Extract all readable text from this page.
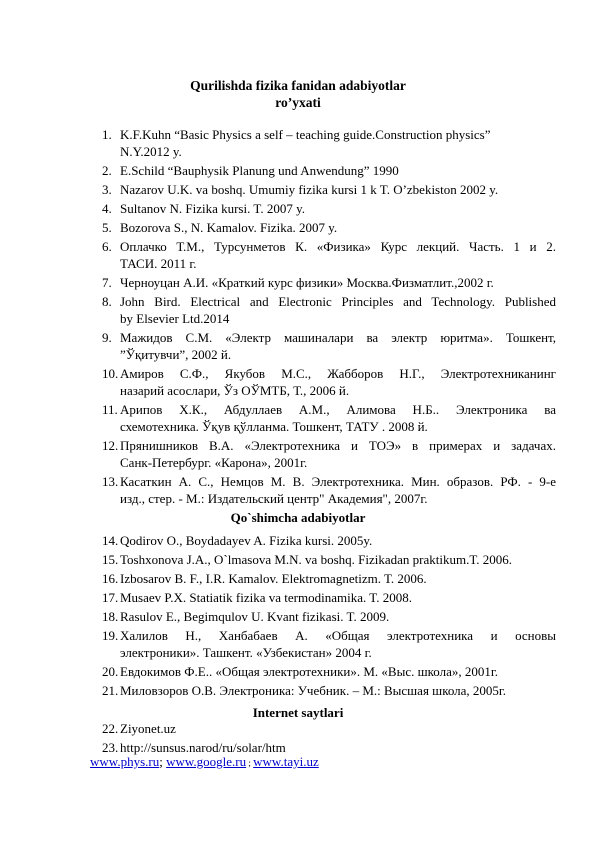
Qurilishda fizika fanidan adabiyotlar
ro’yxati
1. K.F.Kuhn “Basic Physics a self – teaching guide.Construction physics”
N.Y.2012 y.
2. E.Schild “Bauphysik Planung und Anwendung” 1990
3. Nazarov U.K. va boshq. Umumiy fizika kursi 1 k T. O’zbekiston 2002 y.
4. Sultanov N. Fizika kursi. T. 2007 y.
5. Bozorova S., N. Kamalov. Fizika. 2007 y.
6. Оплачко Т.М., Турсунметов К. «Физика» Курс лекций. Часть. 1 и 2.
ТАСИ. 2011 г.
7. Черноуцан А.И. «Краткий курс физики» Москва.Физматлит.,2002 г.
8. John Bird. Electrical and Electronic Principles and Technology. Published
by Elsevier Ltd.2014
9. Мажидов С.М. «Электр машиналари ва электр юритма». Тошкент,
”Ўқитувчи”, 2002 й.
10. Амиров С.Ф., Якубов М.С., Жабборов Н.Г., Электротехниканинг
назарий асослари, Ўз ОЎМТБ, Т., 2006 й.
11. Арипов Х.К., Абдуллаев А.М., Алимова Н.Б.. Электроника ва
схемотехника. Ўқув қўлланма. Тошкент, ТАТУ . 2008 й.
12. Прянишников В.А. «Электротехника и ТОЭ» в примерах и задачах.
Санк-Петербург. «Карона», 2001г.
13. Касаткин А. С., Немцов М. В. Электротехника. Мин. образов. РФ. - 9-е
изд., стер. - М.: Издательский центр" Академия", 2007г.
Qo`shimcha adabiyotlar
14. Qodirov O., Boydadayev A. Fizika kursi. 2005y.
15. Toshxonova J.A., O`lmasova M.N. va boshq. Fizikadan praktikum.T. 2006.
16. Izbosarov B. F., I.R. Kamalov. Elektromagnetizm. T. 2006.
17. Musaev P.X. Statiatik fizika va termodinamika. T. 2008.
18. Rasulov E., Begimqulov U. Kvant fizikasi. T. 2009.
19. Халилов Н., Ханбабаев А. «Общая электротехника и основы
электроники». Ташкент. «Узбекистан» 2004 г.
20. Евдокимов Ф.Е.. «Общая электротехники». М. «Выс. школа», 2001г.
21. Миловзоров О.В. Электроника: Учебник. – М.: Высшая школа, 2005г.
Internet saytlari
22. Ziyonet.uz
23. http://sunsus.narod/ru/solar/htm
www.phys.ru; www.google.ru ; www.tayi.uz
